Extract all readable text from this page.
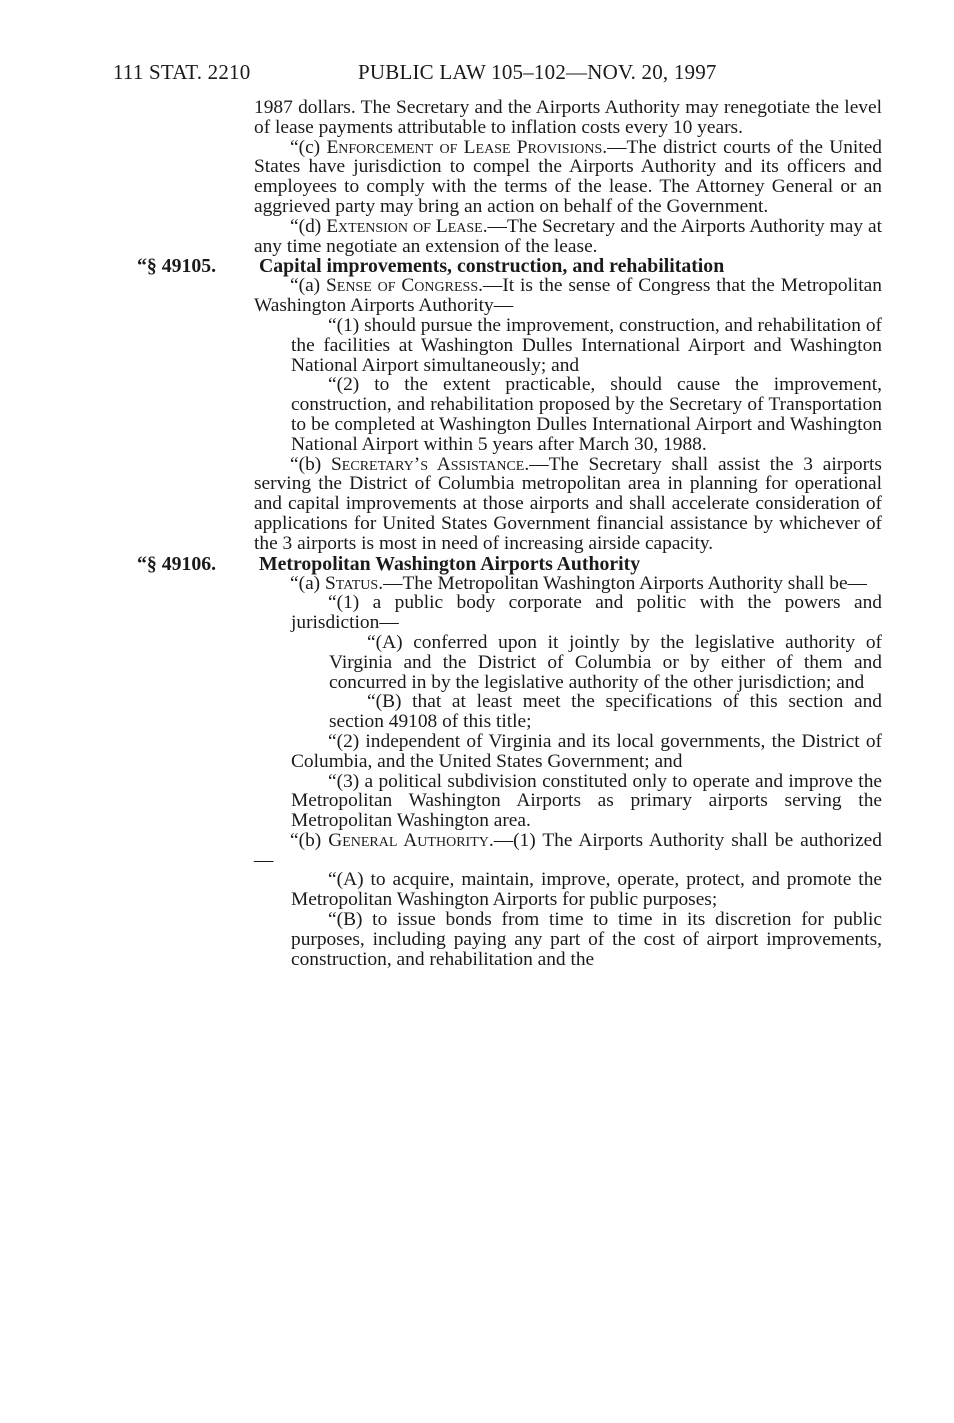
111 STAT. 2210	PUBLIC LAW 105–102—NOV. 20, 1997

1987 dollars. The Secretary and the Airports Authority may renegotiate the level of lease payments attributable to inflation costs every 10 years.

“(c) Enforcement of Lease Provisions.—The district courts of the United States have jurisdiction to compel the Airports Authority and its officers and employees to comply with the terms of the lease. The Attorney General or an aggrieved party may bring an action on behalf of the Government.

“(d) Extension of Lease.—The Secretary and the Airports Authority may at any time negotiate an extension of the lease.

“§ 49105. Capital improvements, construction, and rehabilitation

“(a) Sense of Congress.—It is the sense of Congress that the Metropolitan Washington Airports Authority—

“(1) should pursue the improvement, construction, and rehabilitation of the facilities at Washington Dulles International Airport and Washington National Airport simultaneously; and

“(2) to the extent practicable, should cause the improvement, construction, and rehabilitation proposed by the Secretary of Transportation to be completed at Washington Dulles International Airport and Washington National Airport within 5 years after March 30, 1988.

“(b) Secretary’s Assistance.—The Secretary shall assist the 3 airports serving the District of Columbia metropolitan area in planning for operational and capital improvements at those airports and shall accelerate consideration of applications for United States Government financial assistance by whichever of the 3 airports is most in need of increasing airside capacity.

“§ 49106. Metropolitan Washington Airports Authority

“(a) Status.—The Metropolitan Washington Airports Authority shall be—

“(1) a public body corporate and politic with the powers and jurisdiction—

“(A) conferred upon it jointly by the legislative authority of Virginia and the District of Columbia or by either of them and concurred in by the legislative authority of the other jurisdiction; and

“(B) that at least meet the specifications of this section and section 49108 of this title;

“(2) independent of Virginia and its local governments, the District of Columbia, and the United States Government; and

“(3) a political subdivision constituted only to operate and improve the Metropolitan Washington Airports as primary airports serving the Metropolitan Washington area.

“(b) General Authority.—(1) The Airports Authority shall be authorized—

“(A) to acquire, maintain, improve, operate, protect, and promote the Metropolitan Washington Airports for public purposes;

“(B) to issue bonds from time to time in its discretion for public purposes, including paying any part of the cost of airport improvements, construction, and rehabilitation and the
